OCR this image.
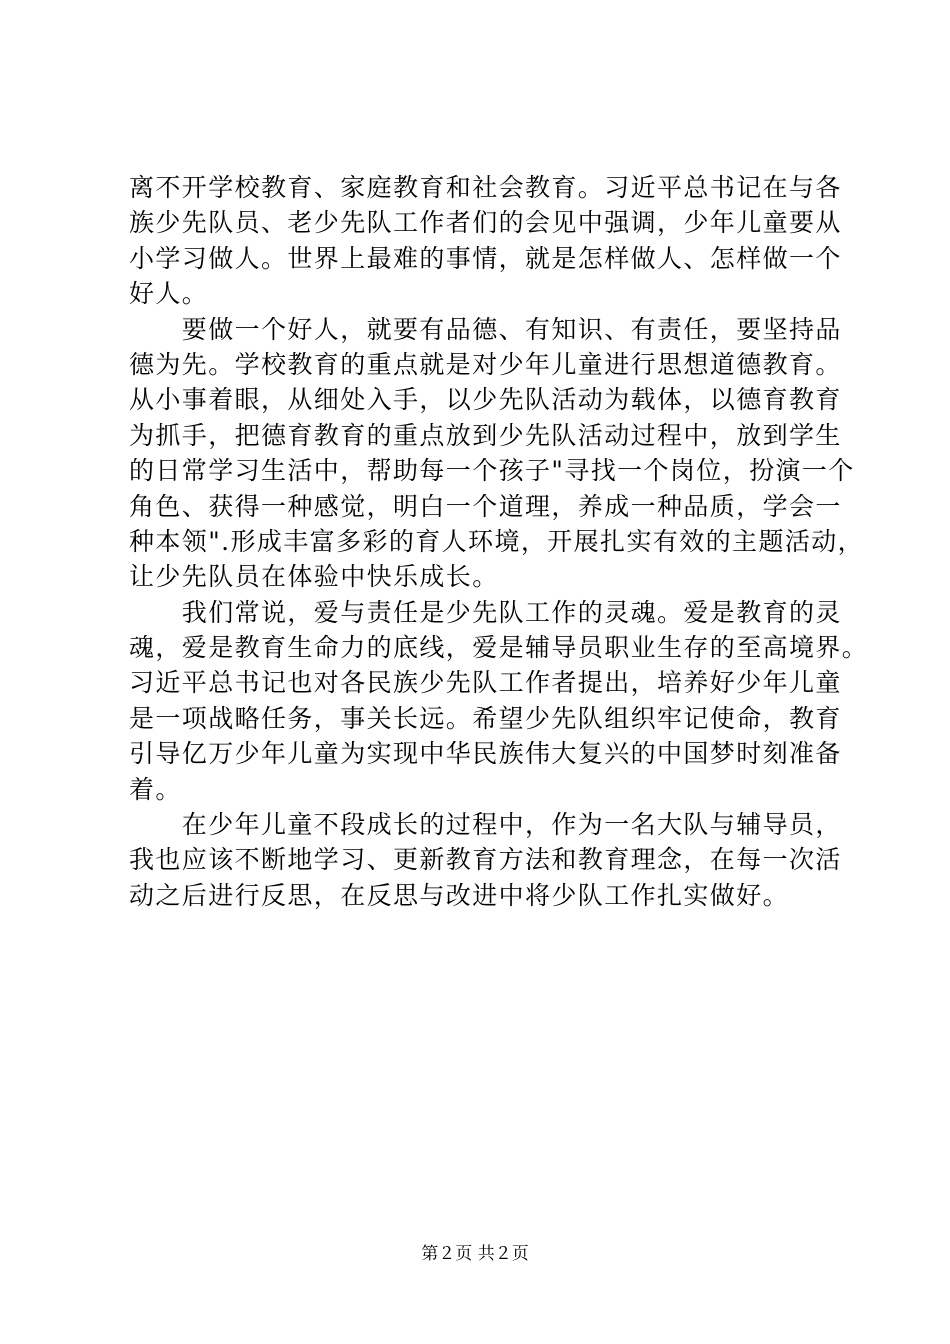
离不开学校教育、家庭教育和社会教育。习近平总书记在与各
族少先队员、老少先队工作者们的会见中强调，少年儿童要从
小学习做人。世界上最难的事情，就是怎样做人、怎样做一个
好人。
　　要做一个好人，就要有品德、有知识、有责任，要坚持品
德为先。学校教育的重点就是对少年儿童进行思想道德教育。
从小事着眼，从细处入手，以少先队活动为载体，以德育教育
为抓手，把德育教育的重点放到少先队活动过程中，放到学生
的日常学习生活中，帮助每一个孩子"寻找一个岗位，扮演一个
角色、获得一种感觉，明白一个道理，养成一种品质，学会一
种本领".形成丰富多彩的育人环境，开展扎实有效的主题活动，
让少先队员在体验中快乐成长。
　　我们常说，爱与责任是少先队工作的灵魂。爱是教育的灵
魂，爱是教育生命力的底线，爱是辅导员职业生存的至高境界。
习近平总书记也对各民族少先队工作者提出，培养好少年儿童
是一项战略任务，事关长远。希望少先队组织牢记使命，教育
引导亿万少年儿童为实现中华民族伟大复兴的中国梦时刻准备
着。
　　在少年儿童不段成长的过程中，作为一名大队与辅导员，
我也应该不断地学习、更新教育方法和教育理念，在每一次活
动之后进行反思，在反思与改进中将少队工作扎实做好。
第２页 共２页
